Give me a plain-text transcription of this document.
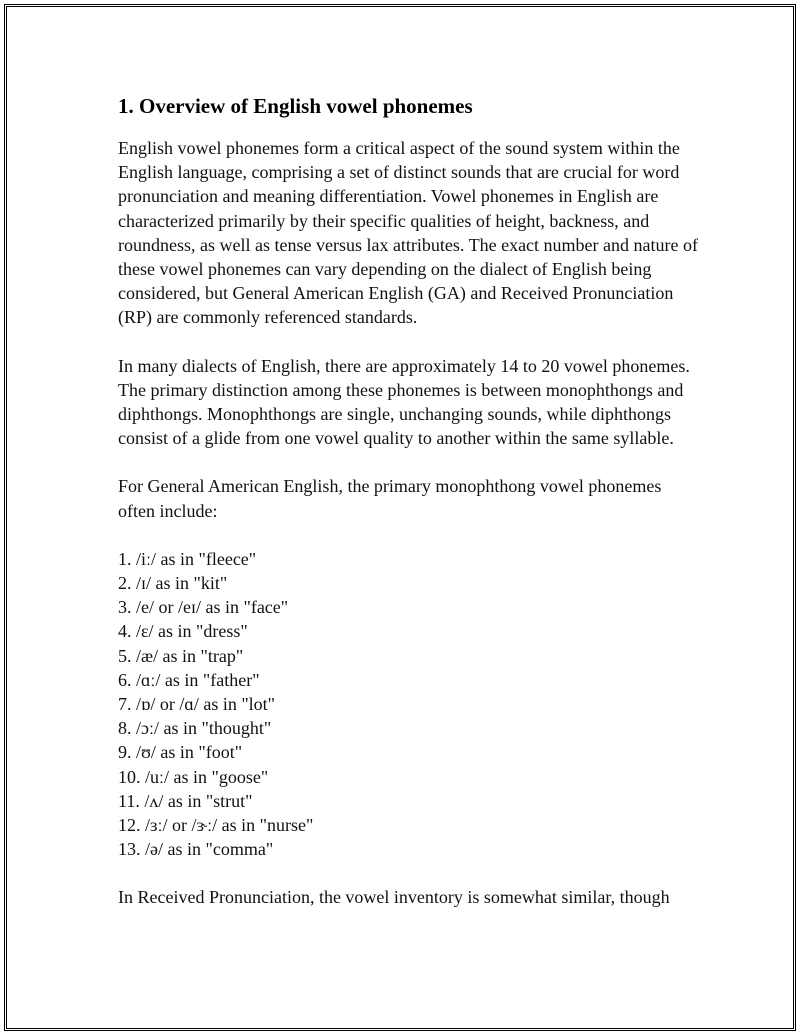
1. Overview of English vowel phonemes

English vowel phonemes form a critical aspect of the sound system within the English language, comprising a set of distinct sounds that are crucial for word pronunciation and meaning differentiation. Vowel phonemes in English are characterized primarily by their specific qualities of height, backness, and roundness, as well as tense versus lax attributes. The exact number and nature of these vowel phonemes can vary depending on the dialect of English being considered, but General American English (GA) and Received Pronunciation (RP) are commonly referenced standards.

In many dialects of English, there are approximately 14 to 20 vowel phonemes. The primary distinction among these phonemes is between monophthongs and diphthongs. Monophthongs are single, unchanging sounds, while diphthongs consist of a glide from one vowel quality to another within the same syllable.

For General American English, the primary monophthong vowel phonemes often include:

1. /iː/ as in "fleece"
2. /ɪ/ as in "kit"
3. /e/ or /eɪ/ as in "face"
4. /ɛ/ as in "dress"
5. /æ/ as in "trap"
6. /ɑː/ as in "father"
7. /ɒ/ or /ɑ/ as in "lot"
8. /ɔː/ as in "thought"
9. /ʊ/ as in "foot"
10. /uː/ as in "goose"
11. /ʌ/ as in "strut"
12. /ɜː/ or /ɝː/ as in "nurse"
13. /ə/ as in "comma"

In Received Pronunciation, the vowel inventory is somewhat similar, though
